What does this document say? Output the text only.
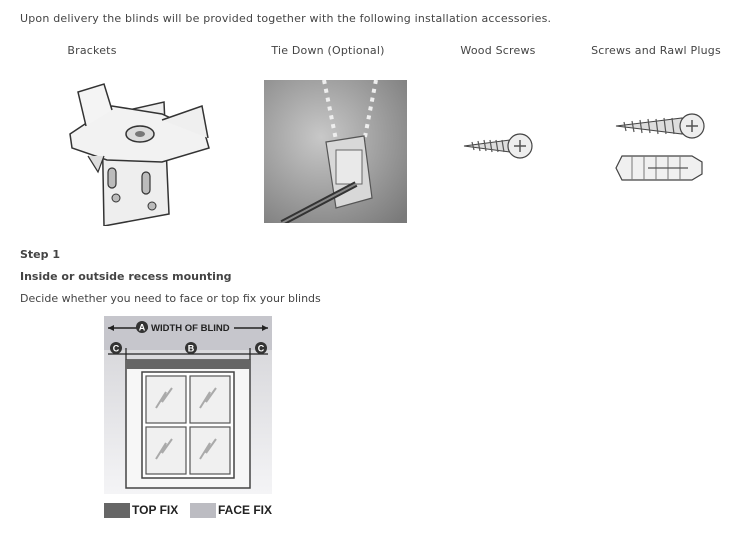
Upon delivery the blinds will be provided together with the following installation accessories.
Brackets	Tie Down (Optional)	Wood Screws	Screws and Rawl Plugs
Step 1
Inside or outside recess mounting
Decide whether you need to face or top fix your blinds
A WIDTH OF BLIND
C	B	C
TOP FIX	FACE FIX
